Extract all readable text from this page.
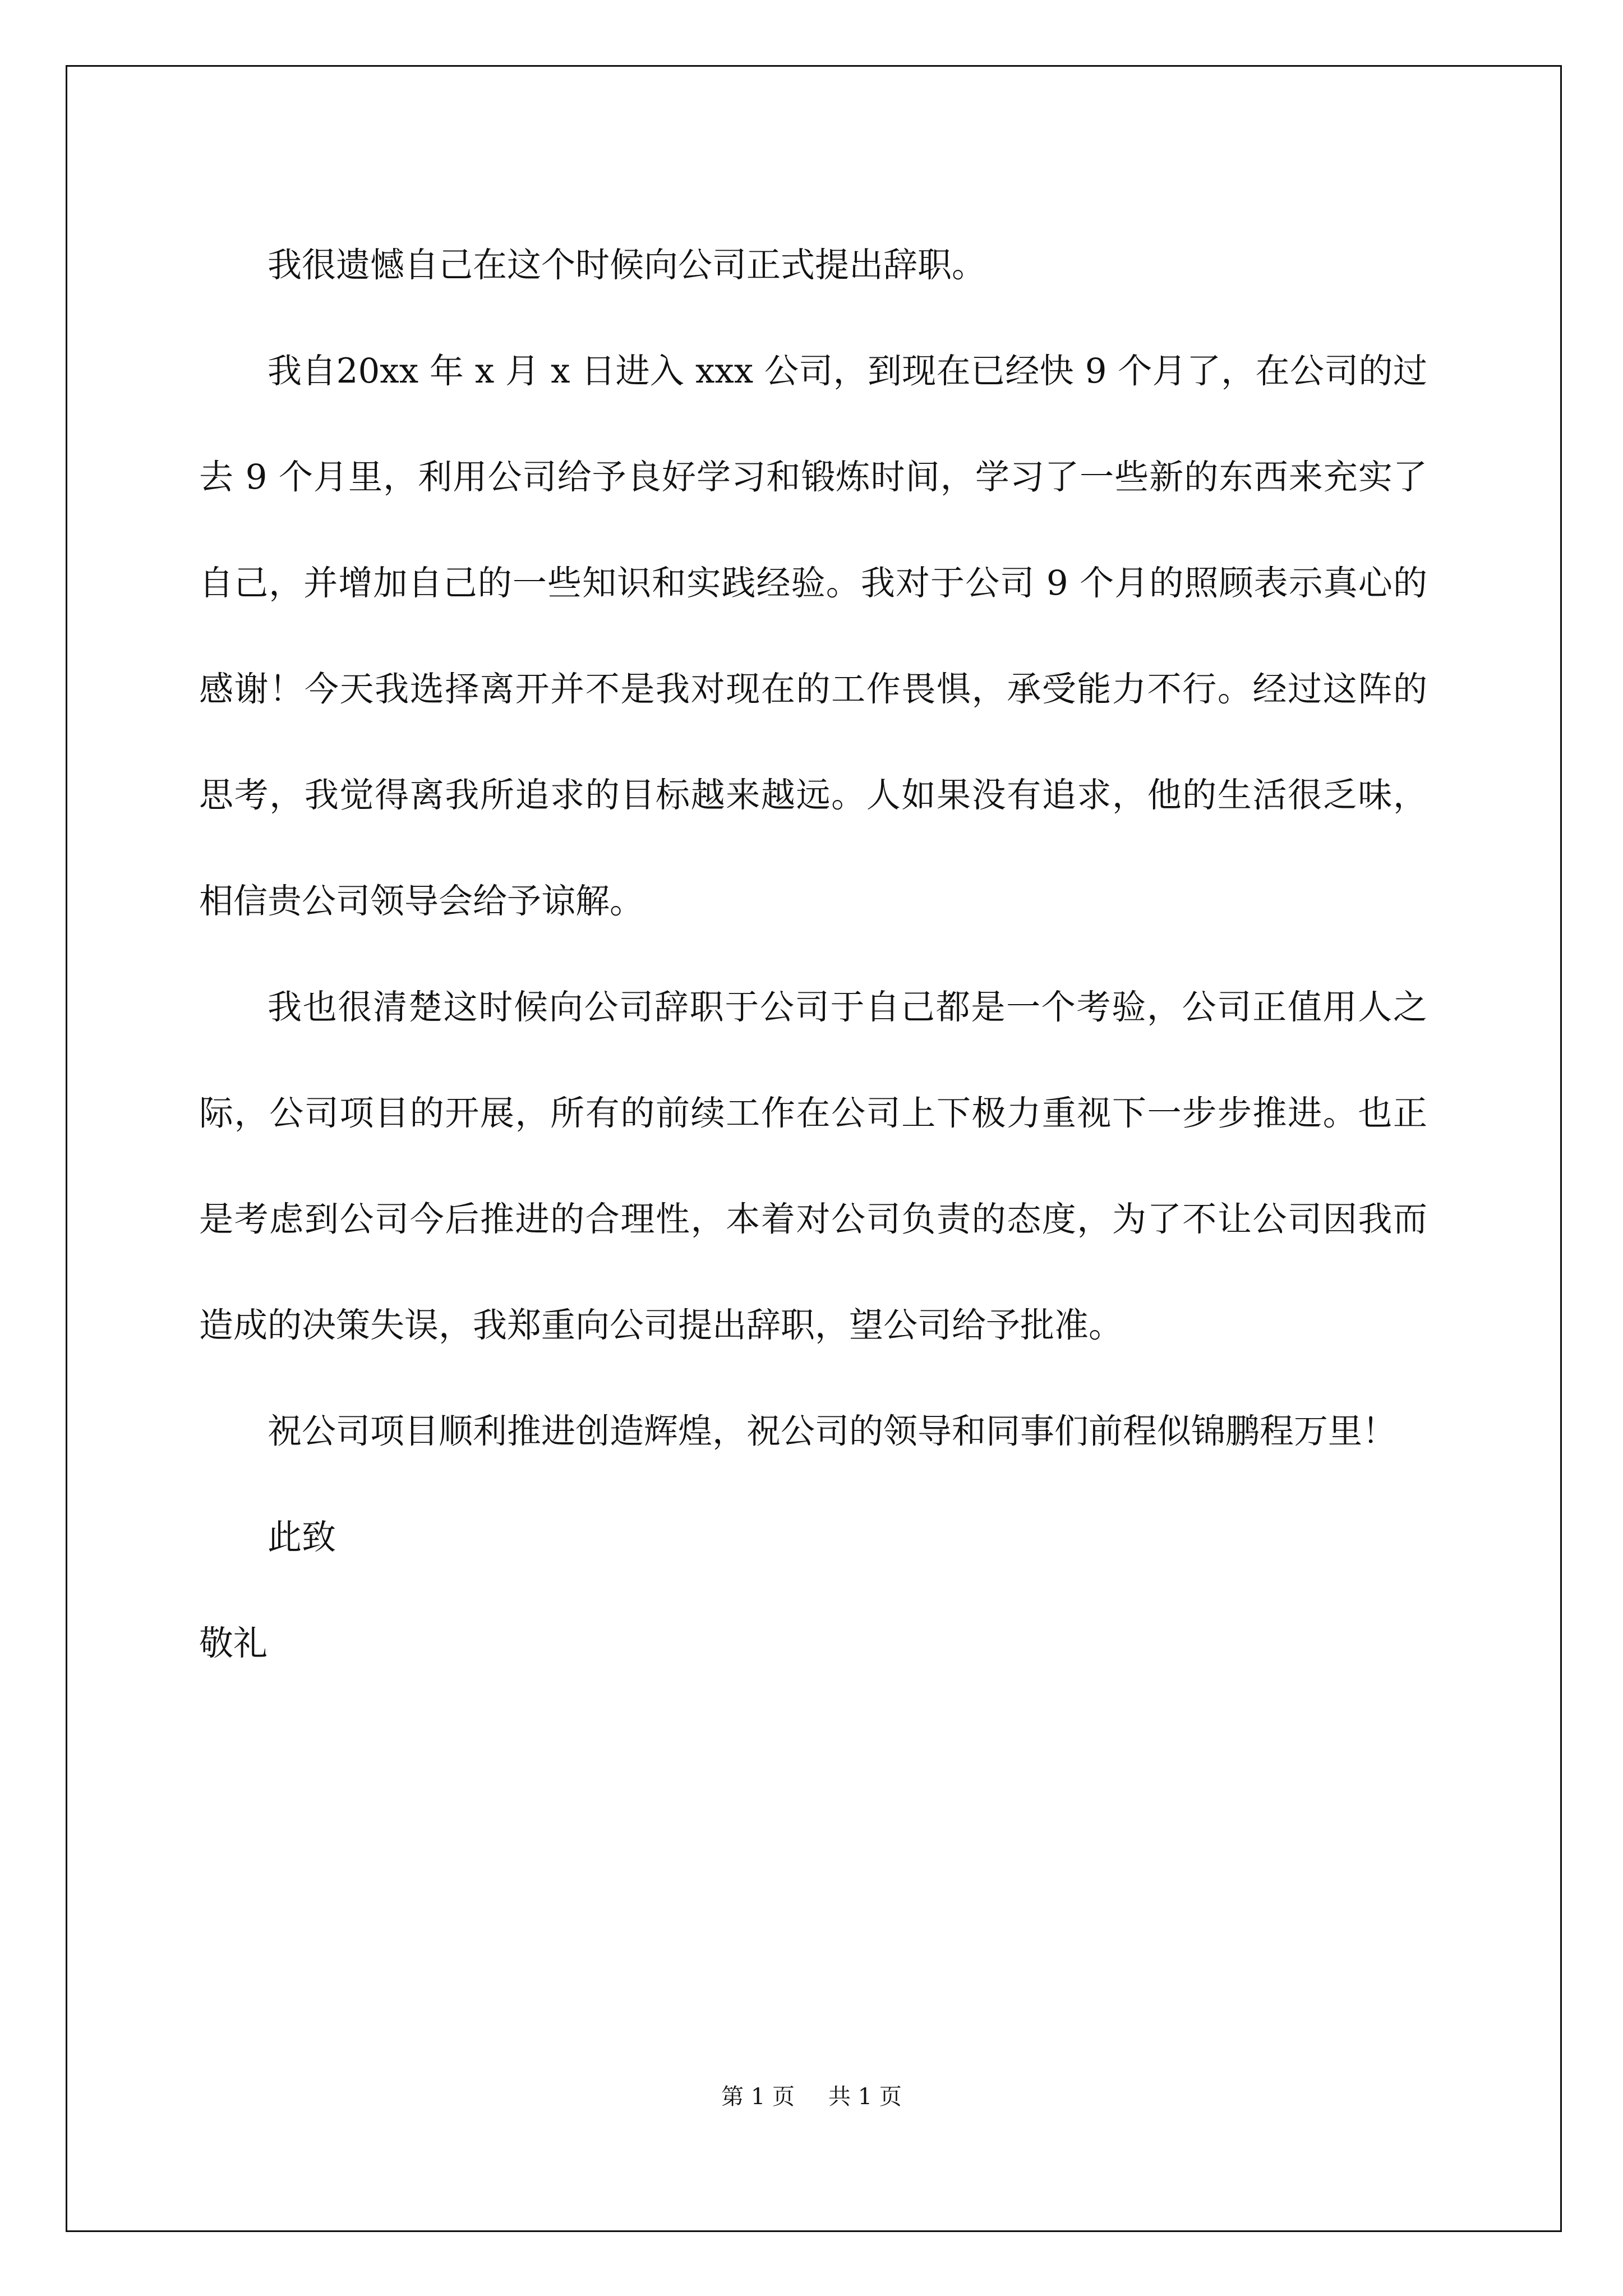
我很遗憾自己在这个时候向公司正式提出辞职。

我自20xx 年 x 月 x 日进入 xxx 公司，到现在已经快 9 个月了，在公司的过去 9 个月里，利用公司给予良好学习和锻炼时间，学习了一些新的东西来充实了自己，并增加自己的一些知识和实践经验。我对于公司 9 个月的照顾表示真心的感谢！今天我选择离开并不是我对现在的工作畏惧，承受能力不行。经过这阵的思考，我觉得离我所追求的目标越来越远。人如果没有追求，他的生活很乏味，相信贵公司领导会给予谅解。

我也很清楚这时候向公司辞职于公司于自己都是一个考验，公司正值用人之际，公司项目的开展，所有的前续工作在公司上下极力重视下一步步推进。也正是考虑到公司今后推进的合理性，本着对公司负责的态度，为了不让公司因我而造成的决策失误，我郑重向公司提出辞职，望公司给予批准。

祝公司项目顺利推进创造辉煌，祝公司的领导和同事们前程似锦鹏程万里！

此致

敬礼

第 1 页 共 1 页
